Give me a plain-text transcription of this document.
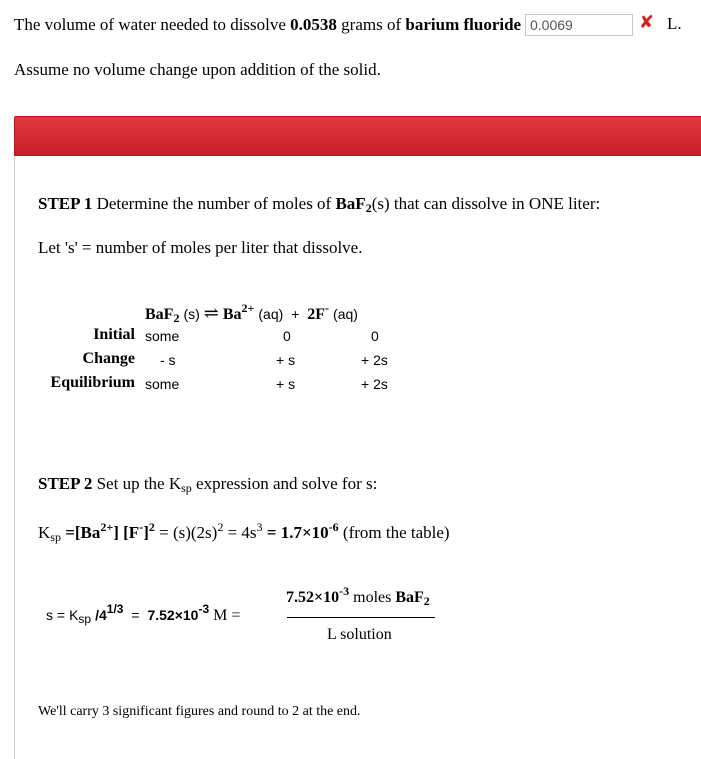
The volume of water needed to dissolve 0.0538 grams of barium fluoride
0.0069	✘ L.
Assume no volume change upon addition of the solid.
STEP 1 Determine the number of moles of BaF$_2$(s) that can dissolve in ONE liter:
Let 's' = number of moles per liter that dissolve.
BaF$_2$ (s) ⇌ $Ba^{2+}$ (aq) + 2F- (aq)
Initial some	0	0
Change - s	+ s	+ 2s
Equilibrium some	+ s	+ 2s
STEP 2 Set up the $K_{sp}$ expression and solve for s:
$K_{sp} =[Ba^{2+}] [F^-]^2 = (s)(2s)^2 = 4s^3 = 1.7\times 10^{-6}$ (from the table)
$7.52\times 10^{-3}$ moles BaF$_2$
L solution
s = Ksp /41/3 = 7.52×10-3 M =
We'll carry 3 significant figures and round to 2 at the end.
